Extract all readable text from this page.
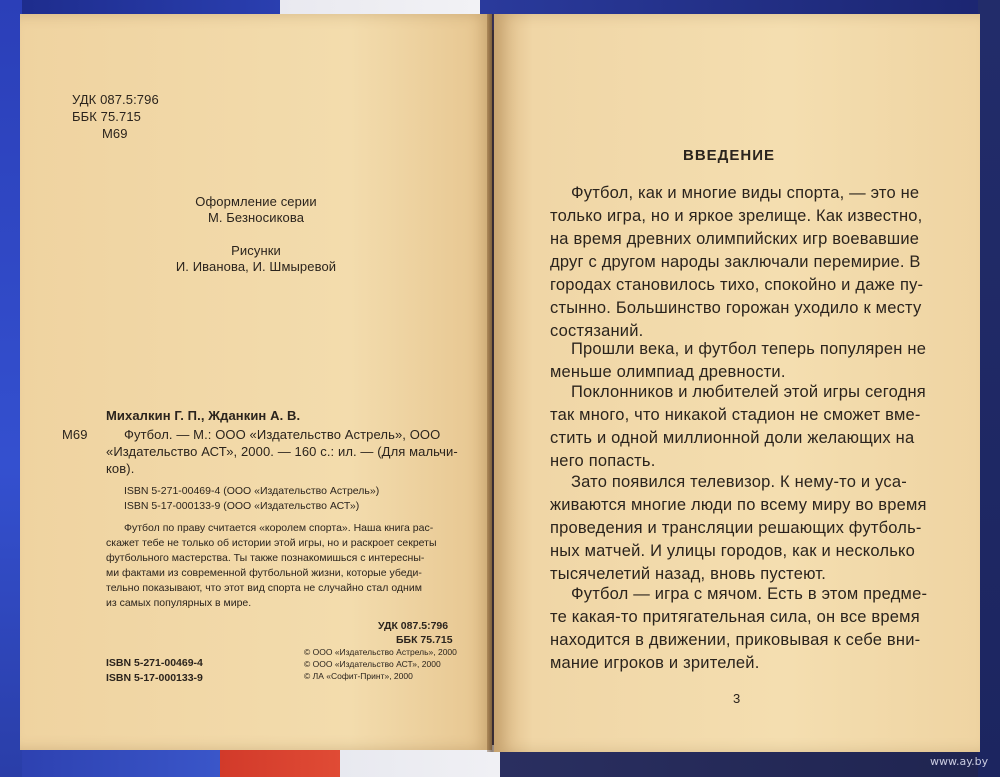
УДК 087.5:796
ББК 75.715
М69
Оформление серии
М. Безносикова
Рисунки
И. Иванова, И. Шмыревой
Михалкин Г. П., Жданкин А. В.
М69	Футбол. — М.: ООО «Издательство Астрель», ООО
«Издательство АСТ», 2000. — 160 с.: ил. — (Для мальчи-
ков).
ISBN 5-271-00469-4 (ООО «Издательство Астрель»)
ISBN 5-17-000133-9 (ООО «Издательство АСТ»)
Футбол по праву считается «королем спорта». Наша книга рас-
скажет тебе не только об истории этой игры, но и раскроет секреты
футбольного мастерства. Ты также познакомишься с интересны-
ми фактами из современной футбольной жизни, которые убеди-
тельно показывают, что этот вид спорта не случайно стал одним
из самых популярных в мире.
УДК 087.5:796
ББК 75.715
ISBN 5-271-00469-4
ISBN 5-17-000133-9
© ООО «Издательство Астрель», 2000
© ООО «Издательство АСТ», 2000
© ЛА «Софит-Принт», 2000
ВВЕДЕНИЕ
Футбол, как и многие виды спорта, — это не
только игра, но и яркое зрелище. Как известно,
на время древних олимпийских игр воевавшие
друг с другом народы заключали перемирие. В
городах становилось тихо, спокойно и даже пу-
стынно. Большинство горожан уходило к месту
состязаний.
Прошли века, и футбол теперь популярен не
меньше олимпиад древности.
Поклонников и любителей этой игры сегодня
так много, что никакой стадион не сможет вме-
стить и одной миллионной доли желающих на
него попасть.
Зато появился телевизор. К нему-то и уса-
живаются многие люди по всему миру во время
проведения и трансляции решающих футболь-
ных матчей. И улицы городов, как и несколько
тысячелетий назад, вновь пустеют.
Футбол — игра с мячом. Есть в этом предме-
те какая-то притягательная сила, он все время
находится в движении, приковывая к себе вни-
мание игроков и зрителей.
3
www.ay.by
